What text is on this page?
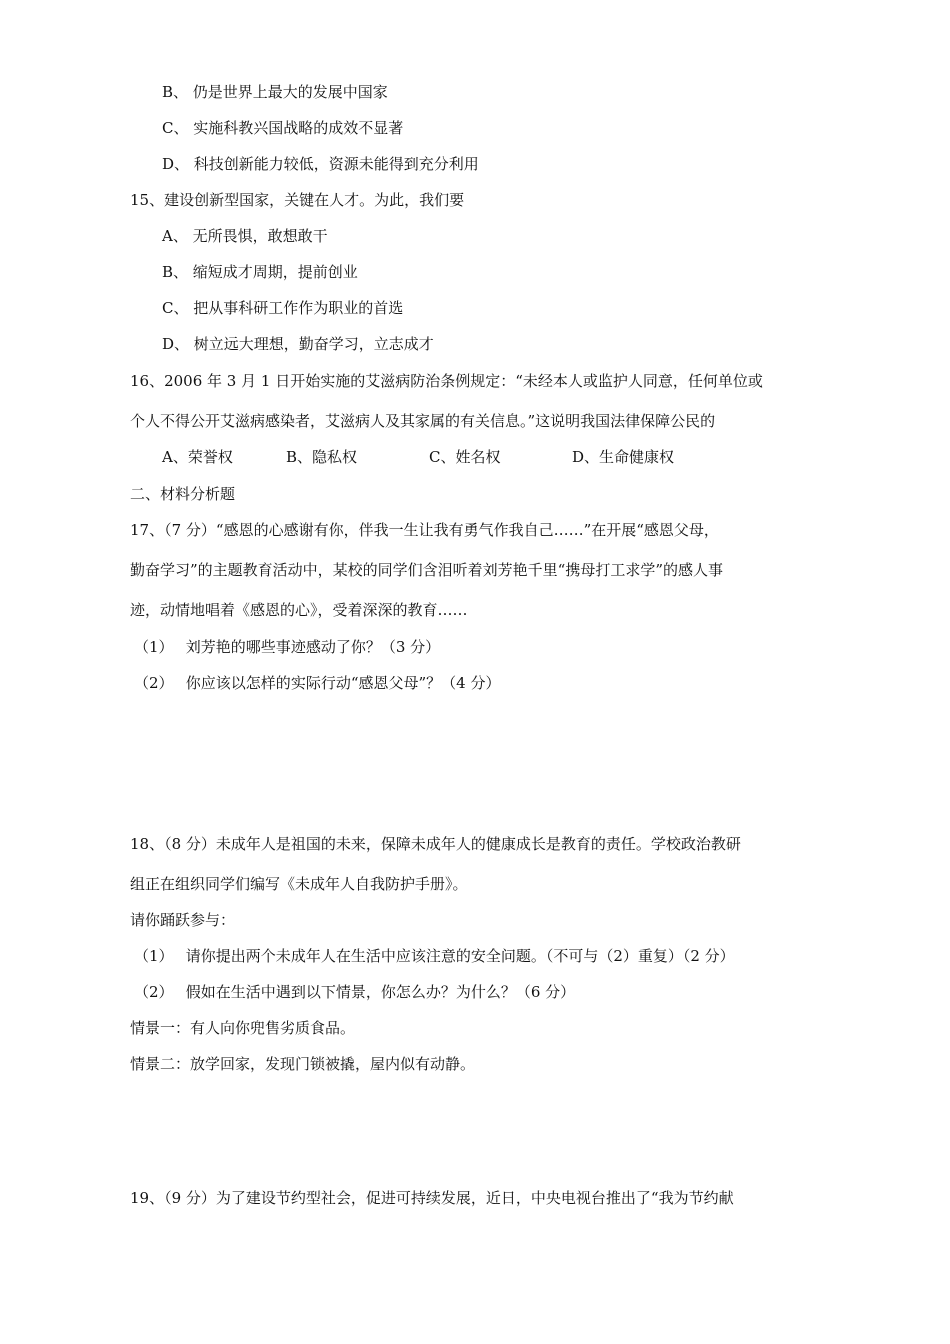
B、 仍是世界上最大的发展中国家
C、 实施科教兴国战略的成效不显著
D、 科技创新能力较低，资源未能得到充分利用
15、建设创新型国家，关键在人才。为此，我们要
A、 无所畏惧，敢想敢干
B、 缩短成才周期，提前创业
C、 把从事科研工作作为职业的首选
D、 树立远大理想，勤奋学习，立志成才
16、2006 年 3 月 1 日开始实施的艾滋病防治条例规定：“未经本人或监护人同意，任何单位或
个人不得公开艾滋病感染者，艾滋病人及其家属的有关信息。”这说明我国法律保障公民的
A、荣誉权	B、隐私权	C、姓名权	D、生命健康权
二、材料分析题
17、（7 分）“感恩的心感谢有你，伴我一生让我有勇气作我自己……”在开展“感恩父母，
勤奋学习”的主题教育活动中，某校的同学们含泪听着刘芳艳千里“携母打工求学”的感人事
迹，动情地唱着《感恩的心》，受着深深的教育……
（1）　 刘芳艳的哪些事迹感动了你？（3 分）
（2）　 你应该以怎样的实际行动“感恩父母”？（4 分）
18、（8 分）未成年人是祖国的未来，保障未成年人的健康成长是教育的责任。学校政治教研
组正在组织同学们编写《未成年人自我防护手册》。
请你踊跃参与：
（1）　 请你提出两个未成年人在生活中应该注意的安全问题。（不可与（2）重复）（2 分）
（2）　 假如在生活中遇到以下情景，你怎么办？为什么？（6 分）
情景一：有人向你兜售劣质食品。
情景二：放学回家，发现门锁被撬，屋内似有动静。
19、（9 分）为了建设节约型社会，促进可持续发展，近日，中央电视台推出了“我为节约献
